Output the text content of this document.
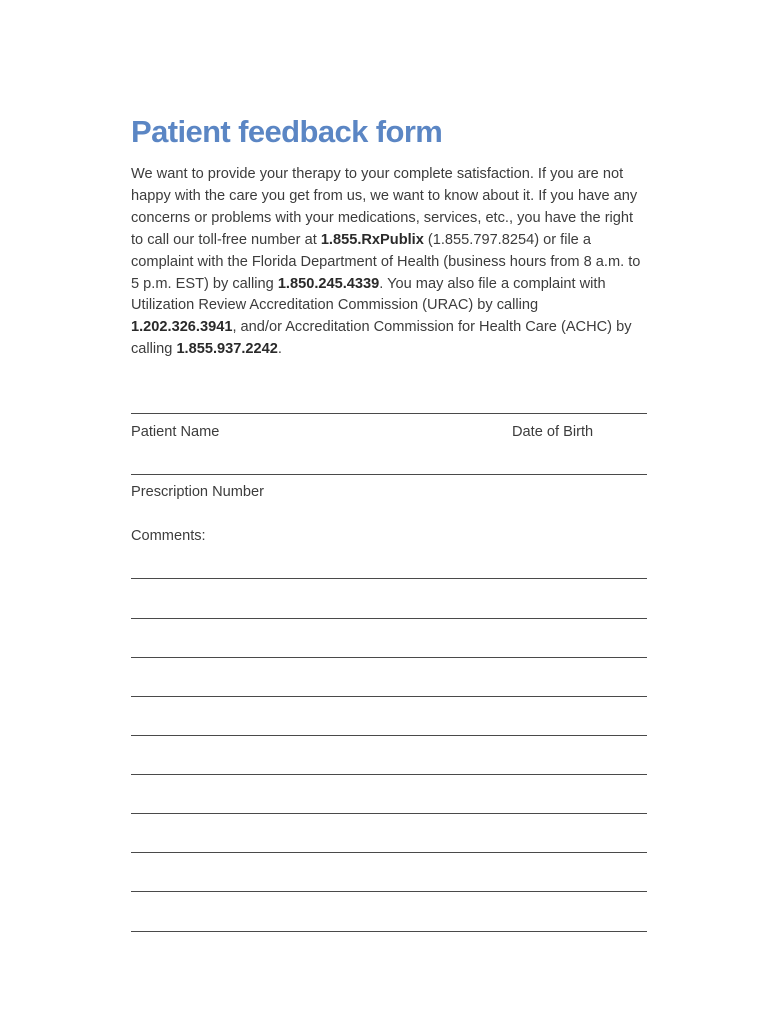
Patient feedback form

We want to provide your therapy to your complete satisfaction. If you are not happy with the care you get from us, we want to know about it. If you have any concerns or problems with your medications, services, etc., you have the right to call our toll-free number at 1.855.RxPublix (1.855.797.8254) or file a complaint with the Florida Department of Health (business hours from 8 a.m. to 5 p.m. EST) by calling 1.850.245.4339. You may also file a complaint with Utilization Review Accreditation Commission (URAC) by calling 1.202.326.3941, and/or Accreditation Commission for Health Care (ACHC) by calling 1.855.937.2242.

Patient Name	Date of Birth
Prescription Number
Comments:
